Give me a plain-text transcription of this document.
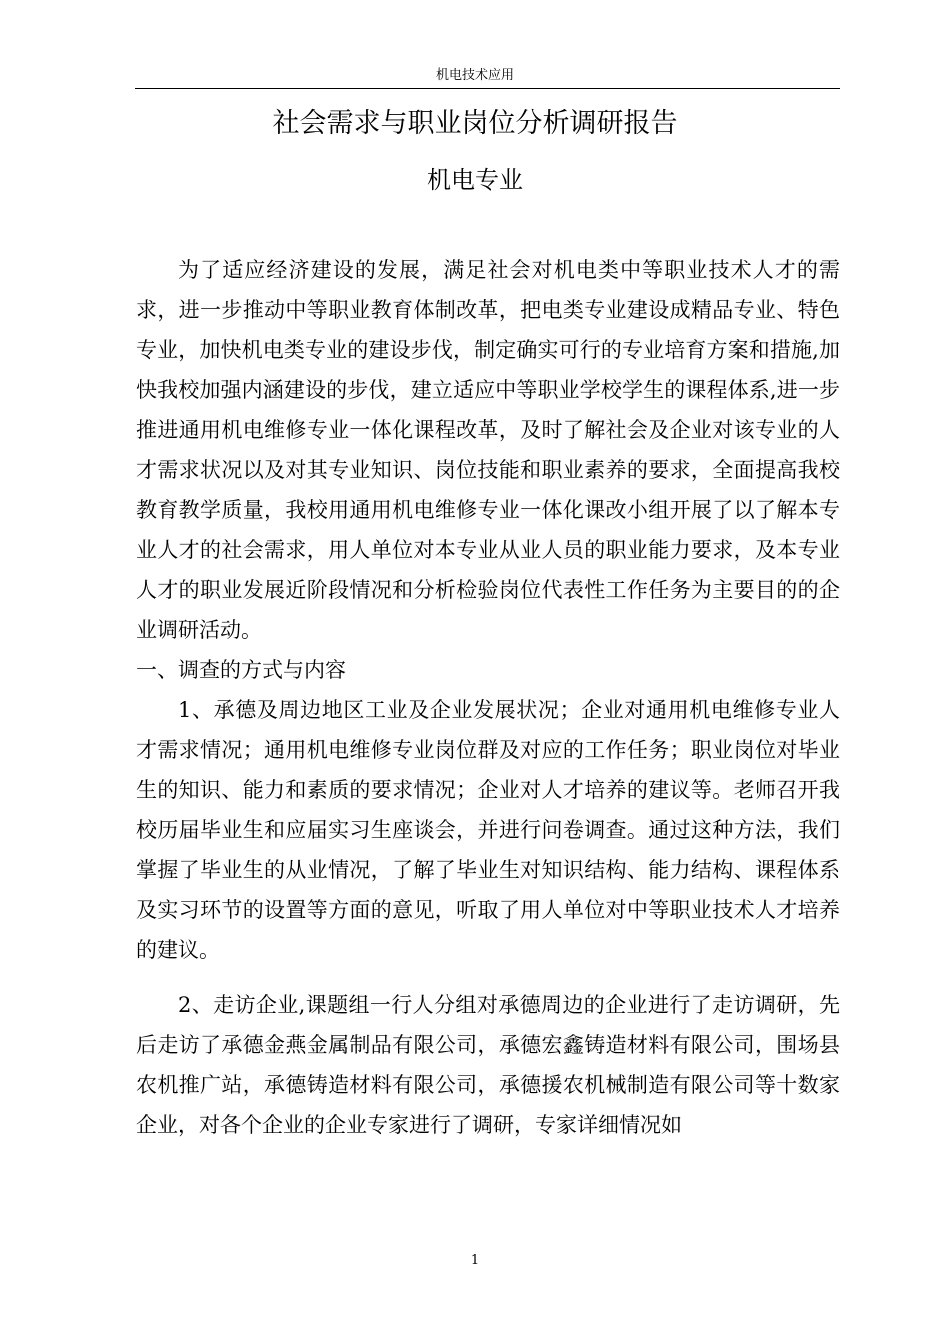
机电技术应用
社会需求与职业岗位分析调研报告
机电专业

为了适应经济建设的发展，满足社会对机电类中等职业技术人才的需求，进一步推动中等职业教育体制改革，把电类专业建设成精品专业、特色专业，加快机电类专业的建设步伐，制定确实可行的专业培育方案和措施,加快我校加强内涵建设的步伐，建立适应中等职业学校学生的课程体系,进一步推进通用机电维修专业一体化课程改革，及时了解社会及企业对该专业的人才需求状况以及对其专业知识、岗位技能和职业素养的要求，全面提高我校教育教学质量，我校用通用机电维修专业一体化课改小组开展了以了解本专业人才的社会需求，用人单位对本专业从业人员的职业能力要求，及本专业人才的职业发展近阶段情况和分析检验岗位代表性工作任务为主要目的的企业调研活动。

一、调查的方式与内容

1、承德及周边地区工业及企业发展状况；企业对通用机电维修专业人才需求情况；通用机电维修专业岗位群及对应的工作任务；职业岗位对毕业生的知识、能力和素质的要求情况；企业对人才培养的建议等。老师召开我校历届毕业生和应届实习生座谈会，并进行问卷调查。通过这种方法，我们掌握了毕业生的从业情况，了解了毕业生对知识结构、能力结构、课程体系及实习环节的设置等方面的意见，听取了用人单位对中等职业技术人才培养的建议。

2、走访企业,课题组一行人分组对承德周边的企业进行了走访调研，先后走访了承德金燕金属制品有限公司，承德宏鑫铸造材料有限公司，围场县农机推广站，承德铸造材料有限公司，承德援农机械制造有限公司等十数家企业，对各个企业的企业专家进行了调研，专家详细情况如

1
